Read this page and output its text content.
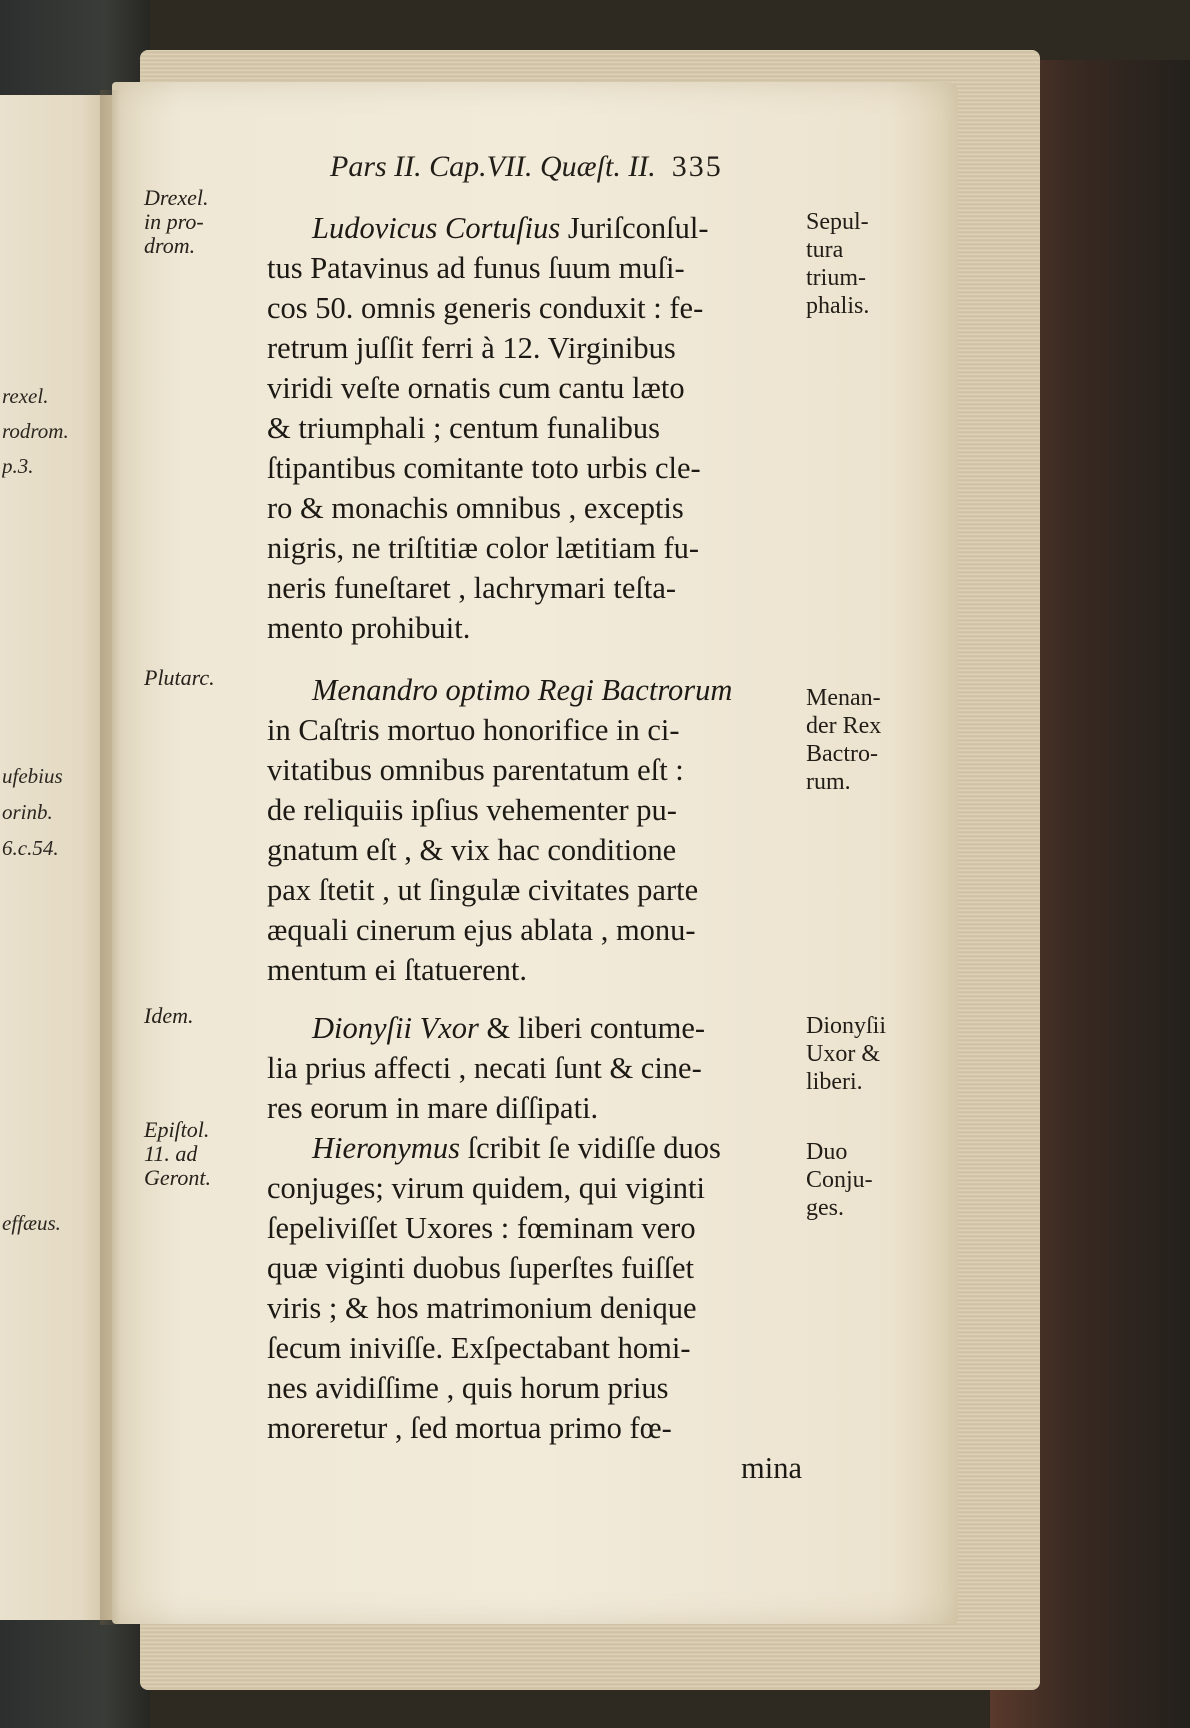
rexel.
rodrom.
p.3.
ufebius
orinb.
6.c.54.
effæus.
Pars II. Cap.VII. Quæſt. II. 335
Drexel.
in pro-
drom.
Plutarc.
Idem.
Epiſtol.
11. ad
Geront.
Sepul-
tura
trium-
phalis.
Menan-
der Rex
Bactro-
rum.
Dionyſii
Uxor &
liberi.
Duo
Conju-
ges.
Ludovicus Cortuſius Juriſconſul-
tus Patavinus ad funus ſuum muſi-
cos 50. omnis generis conduxit : fe-
retrum juſſit ferri à 12. Virginibus
viridi veſte ornatis cum cantu læto
& triumphali ; centum funalibus
ſtipantibus comitante toto urbis cle-
ro & monachis omnibus , exceptis
nigris, ne triſtitiæ color lætitiam fu-
neris funeſtaret , lachrymari teſta-
mento prohibuit.
Menandro optimo Regi Bactrorum
in Caſtris mortuo honorifice in ci-
vitatibus omnibus parentatum eſt :
de reliquiis ipſius vehementer pu-
gnatum eſt , & vix hac conditione
pax ſtetit , ut ſingulæ civitates parte
æquali cinerum ejus ablata , monu-
mentum ei ſtatuerent.
Dionyſii Vxor & liberi contume-
lia prius affecti , necati ſunt & cine-
res eorum in mare diſſipati.
Hieronymus ſcribit ſe vidiſſe duos
conjuges; virum quidem, qui viginti
ſepeliviſſet Uxores : fœminam vero
quæ viginti duobus ſuperſtes fuiſſet
viris ; & hos matrimonium denique
ſecum iniviſſe. Exſpectabant homi-
nes avidiſſime , quis horum prius
moreretur , ſed mortua primo fœ-
mina
